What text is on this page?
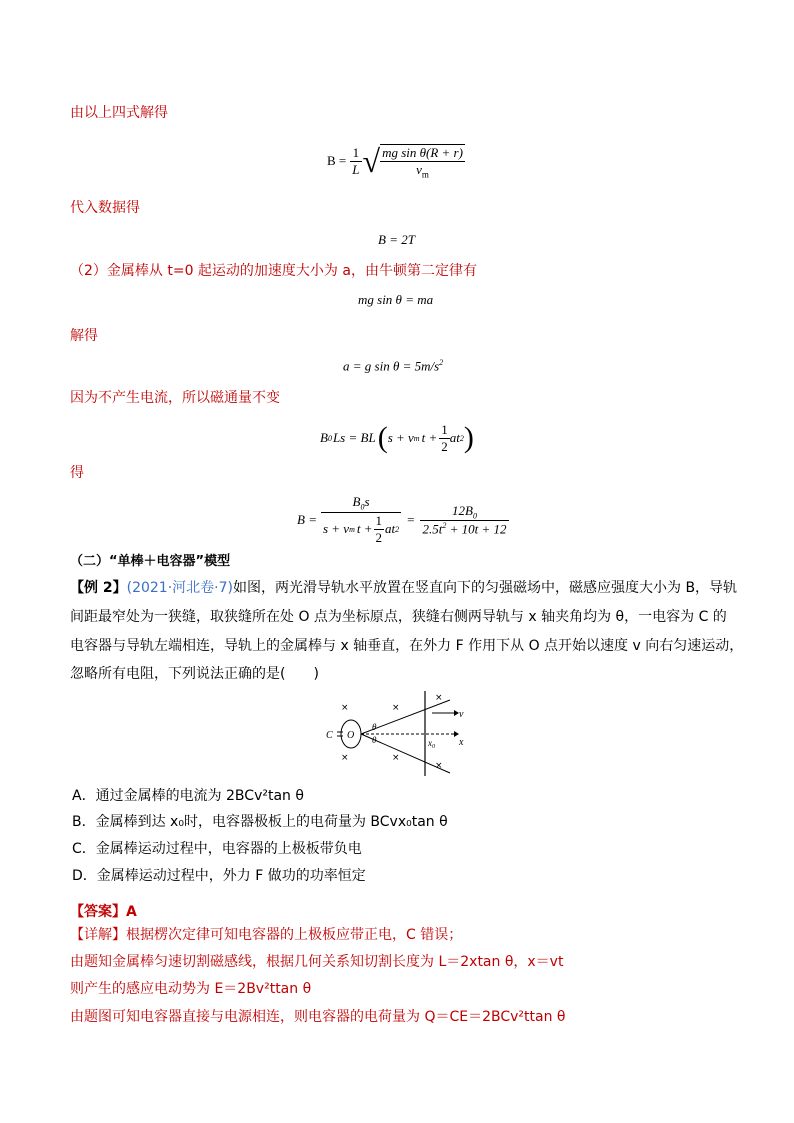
由以上四式解得
$B = \frac{1}{L}$ √ $\frac{\text{mg sin θ(R + r)}}{v_m}$
代入数据得
B = 2T
（2）金属棒从 t=0 起运动的加速度大小为 a，由牛顿第二定律有
mg sin θ = ma
解得
a = g $\sin \theta = 5m/s^2$
因为不产生电流，所以磁通量不变
B 0 Ls = BL ( s + v m $t + \frac{1}{2}$ at 2 )
得
$B = \frac{B_0s}{s + v m t + \frac{1}{2} at 2} = \frac{12B_0}{2.5t^2 + 10t + 12}$
（二）“单棒＋电容器”模型
【例 2】(2021·河北卷·7)如图，两光滑导轨水平放置在竖直向下的匀强磁场中，磁感应强度大小为 B，导轨
间距最窄处为一狭缝，取狭缝所在处 O 点为坐标原点，狭缝右侧两导轨与 x 轴夹角均为 θ，一电容为 C 的
电容器与导轨左端相连，导轨上的金属棒与 x 轴垂直，在外力 F 作用下从 O 点开始以速度 v 向右匀速运动，
忽略所有电阻，下列说法正确的是(　　)
C O
θ
θ
v
x
$x_0$
×	×
×	×
×
×
A．通过金属棒的电流为 2BCv²tan θ
B．金属棒到达 x₀时，电容器极板上的电荷量为 BCvx₀tan θ
C．金属棒运动过程中，电容器的上极板带负电
D．金属棒运动过程中，外力 F 做功的功率恒定
【答案】A
【详解】根据楞次定律可知电容器的上极板应带正电，C 错误；
由题知金属棒匀速切割磁感线，根据几何关系知切割长度为 L＝2xtan θ，x＝vt
则产生的感应电动势为 E＝2Bv²ttan θ
由题图可知电容器直接与电源相连，则电容器的电荷量为 Q＝CE＝2BCv²ttan θ
